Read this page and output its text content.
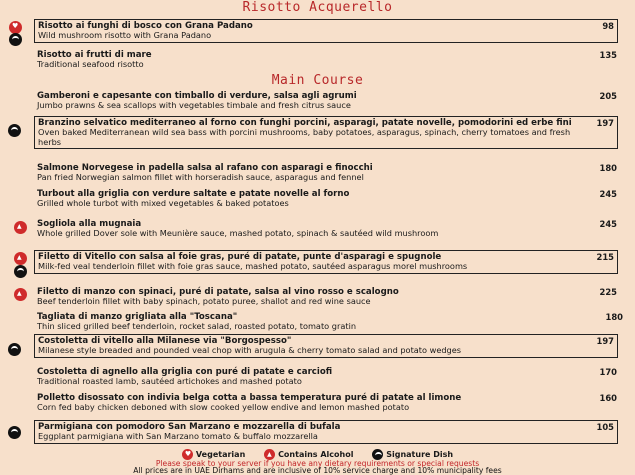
Risotto Acquerello
♥
Risotto ai funghi di bosco con Grana Padano
Wild mushroom risotto with Grana Padano
98
Risotto ai frutti di mare
Traditional seafood risotto
135
Main Course
Gamberoni e capesante con timballo di verdure, salsa agli agrumi
Jumbo prawns & sea scallops with vegetables timbale and fresh citrus sauce
205
Branzino selvatico mediterraneo al forno con funghi porcini, asparagi, patate novelle, pomodorini ed erbe fini
Oven baked Mediterranean wild sea bass with porcini mushrooms, baby potatoes, asparagus, spinach, cherry tomatoes and fresh herbs
197
Salmone Norvegese in padella salsa al rafano con asparagi e finocchi
Pan fried Norwegian salmon fillet with horseradish sauce, asparagus and fennel
180
Turbout alla griglia con verdure saltate e patate novelle al forno
Grilled whole turbot with mixed vegetables & baked potatoes
245
▲
Sogliola alla mugnaia
Whole grilled Dover sole with Meunière sauce, mashed potato, spinach & sautéed wild mushroom
245
▲
Filetto di Vitello con salsa al foie gras, puré di patate, punte d'asparagi e spugnole
Milk-fed veal tenderloin fillet with foie gras sauce, mashed potato, sautéed asparagus morel mushrooms
215
▲
Filetto di manzo con spinaci, puré di patate, salsa al vino rosso e scalogno
Beef tenderloin fillet with baby spinach, potato puree, shallot and red wine sauce
225
Tagliata di manzo grigliata alla "Toscana"
Thin sliced grilled beef tenderloin, rocket salad, roasted potato, tomato gratin
180
Costoletta di vitello alla Milanese via "Borgospesso"
Milanese style breaded and pounded veal chop with arugula & cherry tomato salad and potato wedges
197
Costoletta di agnello alla griglia con puré di patate e carciofi
Traditional roasted lamb, sautéed artichokes and mashed potato
170
Polletto disossato con indivia belga cotta a bassa temperatura puré di patate al limone
Corn fed baby chicken deboned with slow cooked yellow endive and lemon mashed potato
160
Parmigiana con pomodoro San Marzano e mozzarella di bufala
Eggplant parmigiana with San Marzano tomato & buffalo mozzarella
105
♥
Vegetarian
▲	Contains Alcohol	Signature Dish
Please speak to your server if you have any dietary requirements or special requests
All prices are in UAE Dirhams and are inclusive of 10% service charge and 10% municipality fees
